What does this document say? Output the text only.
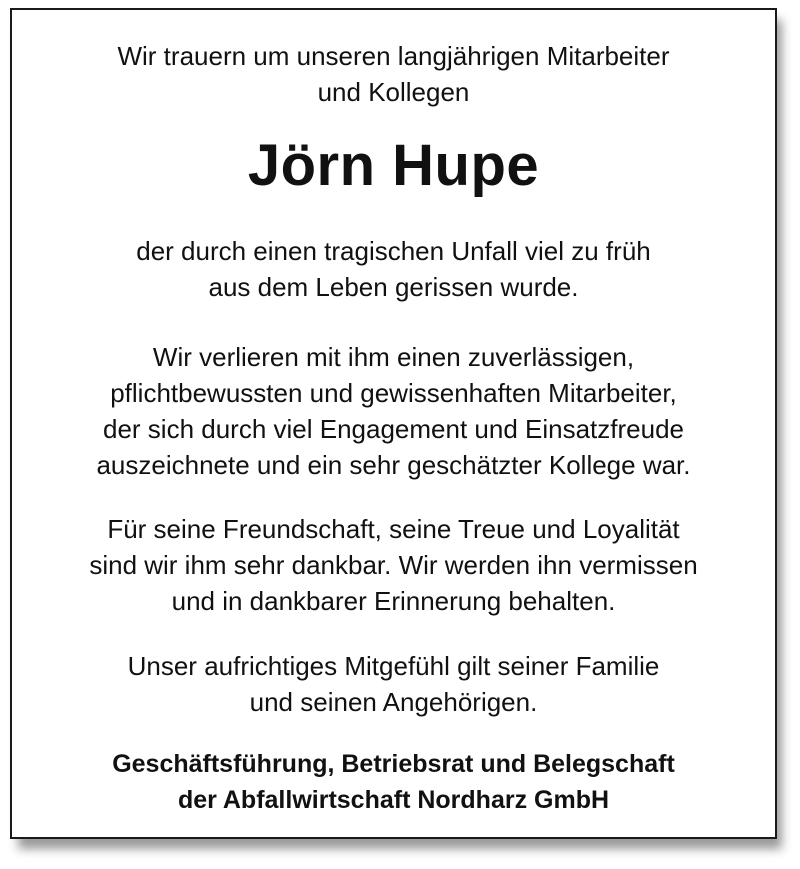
Wir trauern um unseren langjährigen Mitarbeiter
und Kollegen
Jörn Hupe
der durch einen tragischen Unfall viel zu früh
aus dem Leben gerissen wurde.
Wir verlieren mit ihm einen zuverlässigen,
pflichtbewussten und gewissenhaften Mitarbeiter,
der sich durch viel Engagement und Einsatzfreude
auszeichnete und ein sehr geschätzter Kollege war.
Für seine Freundschaft, seine Treue und Loyalität
sind wir ihm sehr dankbar. Wir werden ihn vermissen
und in dankbarer Erinnerung behalten.
Unser aufrichtiges Mitgefühl gilt seiner Familie
und seinen Angehörigen.
Geschäftsführung, Betriebsrat und Belegschaft
der Abfallwirtschaft Nordharz GmbH
